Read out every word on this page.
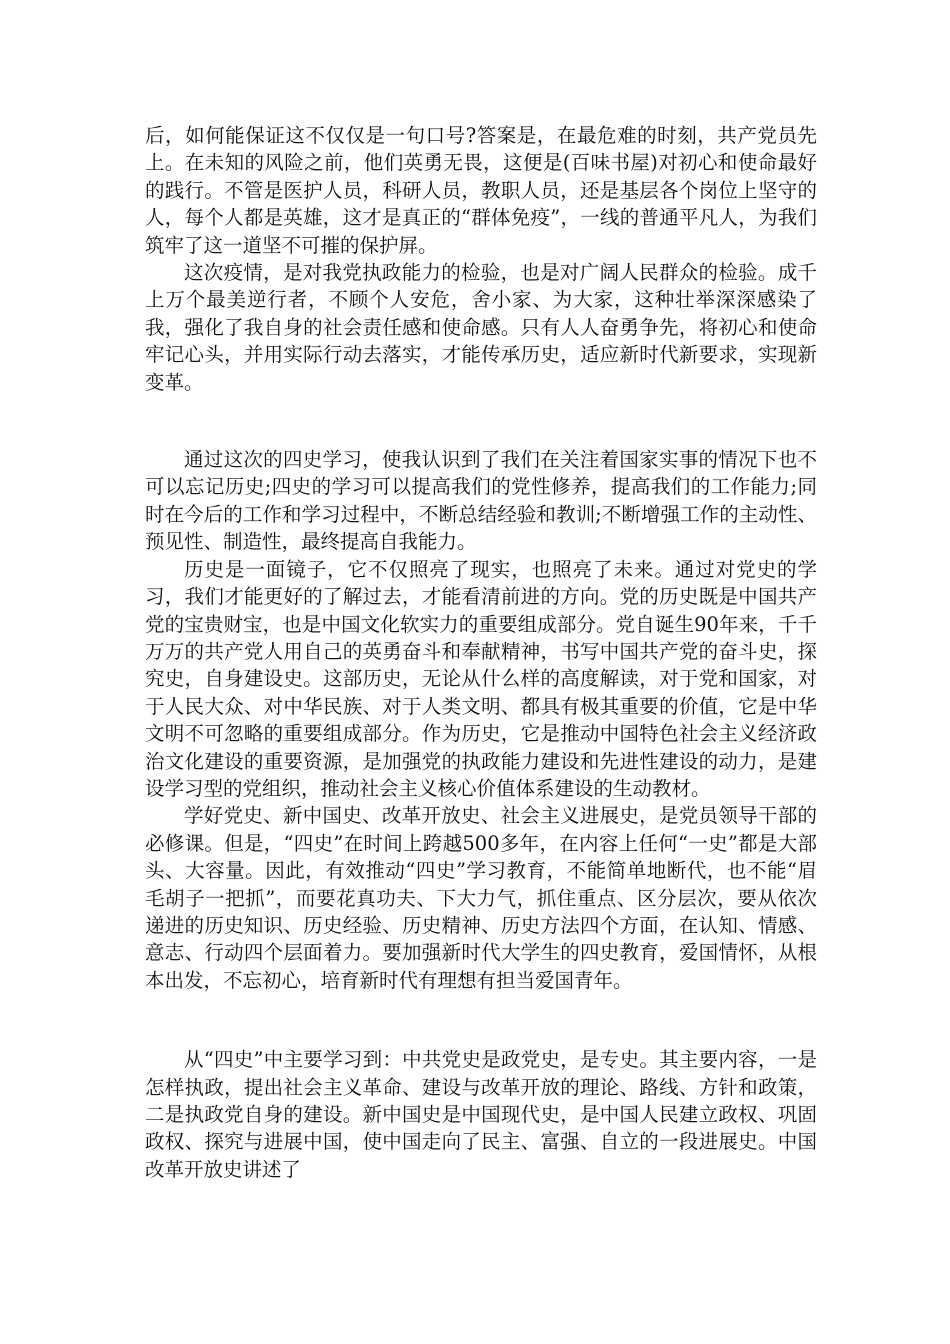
后，如何能保证这不仅仅是一句口号?答案是，在最危难的时刻，共产党员先上。在未知的风险之前，他们英勇无畏，这便是(百味书屋)对初心和使命最好的践行。不管是医护人员，科研人员，教职人员，还是基层各个岗位上坚守的人，每个人都是英雄，这才是真正的“群体免疫”，一线的普通平凡人，为我们筑牢了这一道坚不可摧的保护屏。

这次疫情，是对我党执政能力的检验，也是对广阔人民群众的检验。成千上万个最美逆行者，不顾个人安危，舍小家、为大家，这种壮举深深感染了我，强化了我自身的社会责任感和使命感。只有人人奋勇争先，将初心和使命牢记心头，并用实际行动去落实，才能传承历史，适应新时代新要求，实现新变革。

通过这次的四史学习，使我认识到了我们在关注着国家实事的情况下也不可以忘记历史;四史的学习可以提高我们的党性修养，提高我们的工作能力;同时在今后的工作和学习过程中，不断总结经验和教训;不断增强工作的主动性、预见性、制造性，最终提高自我能力。

历史是一面镜子，它不仅照亮了现实，也照亮了未来。通过对党史的学习，我们才能更好的了解过去，才能看清前进的方向。党的历史既是中国共产党的宝贵财宝，也是中国文化软实力的重要组成部分。党自诞生90年来，千千万万的共产党人用自己的英勇奋斗和奉献精神，书写中国共产党的奋斗史，探究史，自身建设史。这部历史，无论从什么样的高度解读，对于党和国家，对于人民大众、对中华民族、对于人类文明、都具有极其重要的价值，它是中华文明不可忽略的重要组成部分。作为历史，它是推动中国特色社会主义经济政治文化建设的重要资源，是加强党的执政能力建设和先进性建设的动力，是建设学习型的党组织，推动社会主义核心价值体系建设的生动教材。

学好党史、新中国史、改革开放史、社会主义进展史，是党员领导干部的必修课。但是，“四史”在时间上跨越500多年，在内容上任何“一史”都是大部头、大容量。因此，有效推动“四史”学习教育，不能简单地断代，也不能“眉毛胡子一把抓”，而要花真功夫、下大力气，抓住重点、区分层次，要从依次递进的历史知识、历史经验、历史精神、历史方法四个方面，在认知、情感、意志、行动四个层面着力。要加强新时代大学生的四史教育，爱国情怀，从根本出发，不忘初心，培育新时代有理想有担当爱国青年。

从“四史”中主要学习到：中共党史是政党史，是专史。其主要内容，一是怎样执政，提出社会主义革命、建设与改革开放的理论、路线、方针和政策，二是执政党自身的建设。新中国史是中国现代史，是中国人民建立政权、巩固政权、探究与进展中国，使中国走向了民主、富强、自立的一段进展史。中国改革开放史讲述了
